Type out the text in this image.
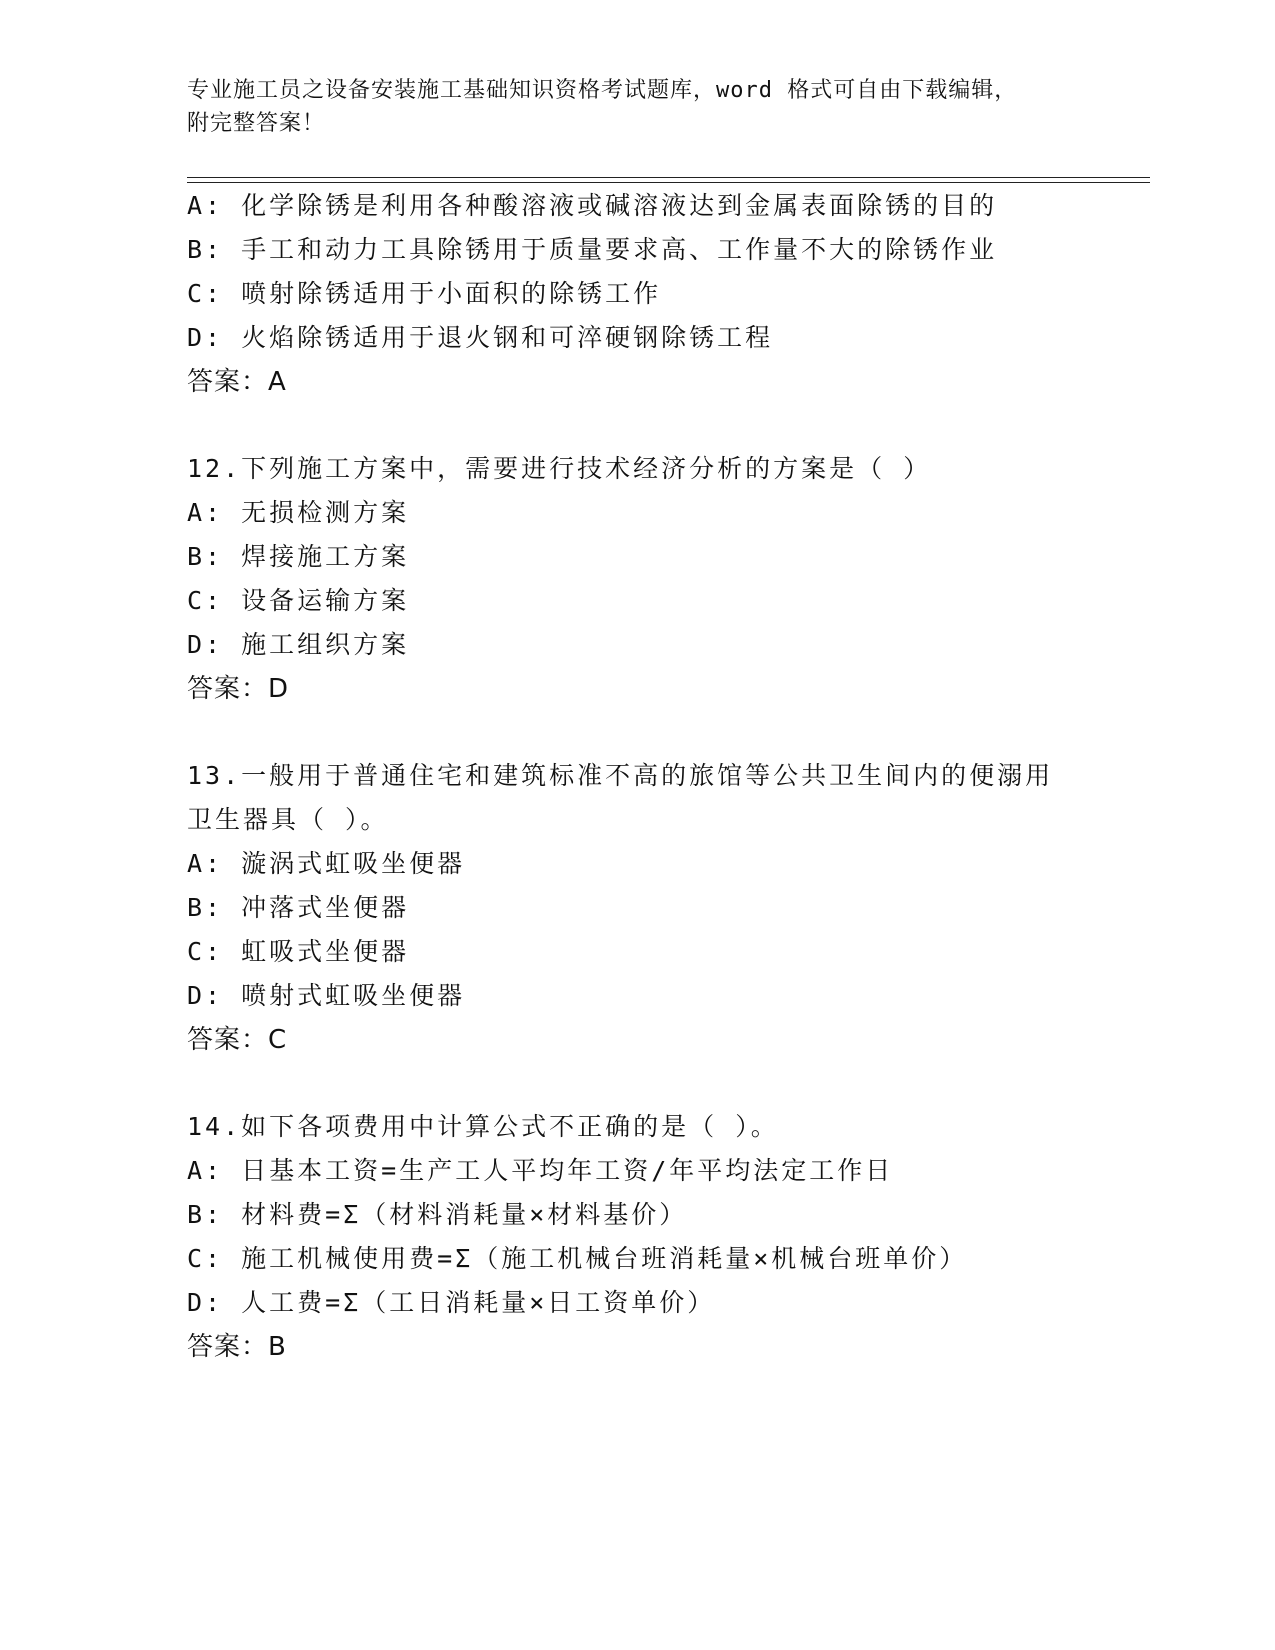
专业施工员之设备安装施工基础知识资格考试题库，word 格式可自由下载编辑，
附完整答案！
A: 化学除锈是利用各种酸溶液或碱溶液达到金属表面除锈的目的
B: 手工和动力工具除锈用于质量要求高、工作量不大的除锈作业
C: 喷射除锈适用于小面积的除锈工作
D: 火焰除锈适用于退火钢和可淬硬钢除锈工程
答案：A
12.下列施工方案中，需要进行技术经济分析的方案是（ ）
A: 无损检测方案
B: 焊接施工方案
C: 设备运输方案
D: 施工组织方案
答案：D
13.一般用于普通住宅和建筑标准不高的旅馆等公共卫生间内的便溺用
卫生器具（ ）。
A: 漩涡式虹吸坐便器
B: 冲落式坐便器
C: 虹吸式坐便器
D: 喷射式虹吸坐便器
答案：C
14.如下各项费用中计算公式不正确的是（ ）。
A: 日基本工资=生产工人平均年工资/年平均法定工作日
B: 材料费=Σ（材料消耗量×材料基价）
C: 施工机械使用费=Σ（施工机械台班消耗量×机械台班单价）
D: 人工费=Σ（工日消耗量×日工资单价）
答案：B
